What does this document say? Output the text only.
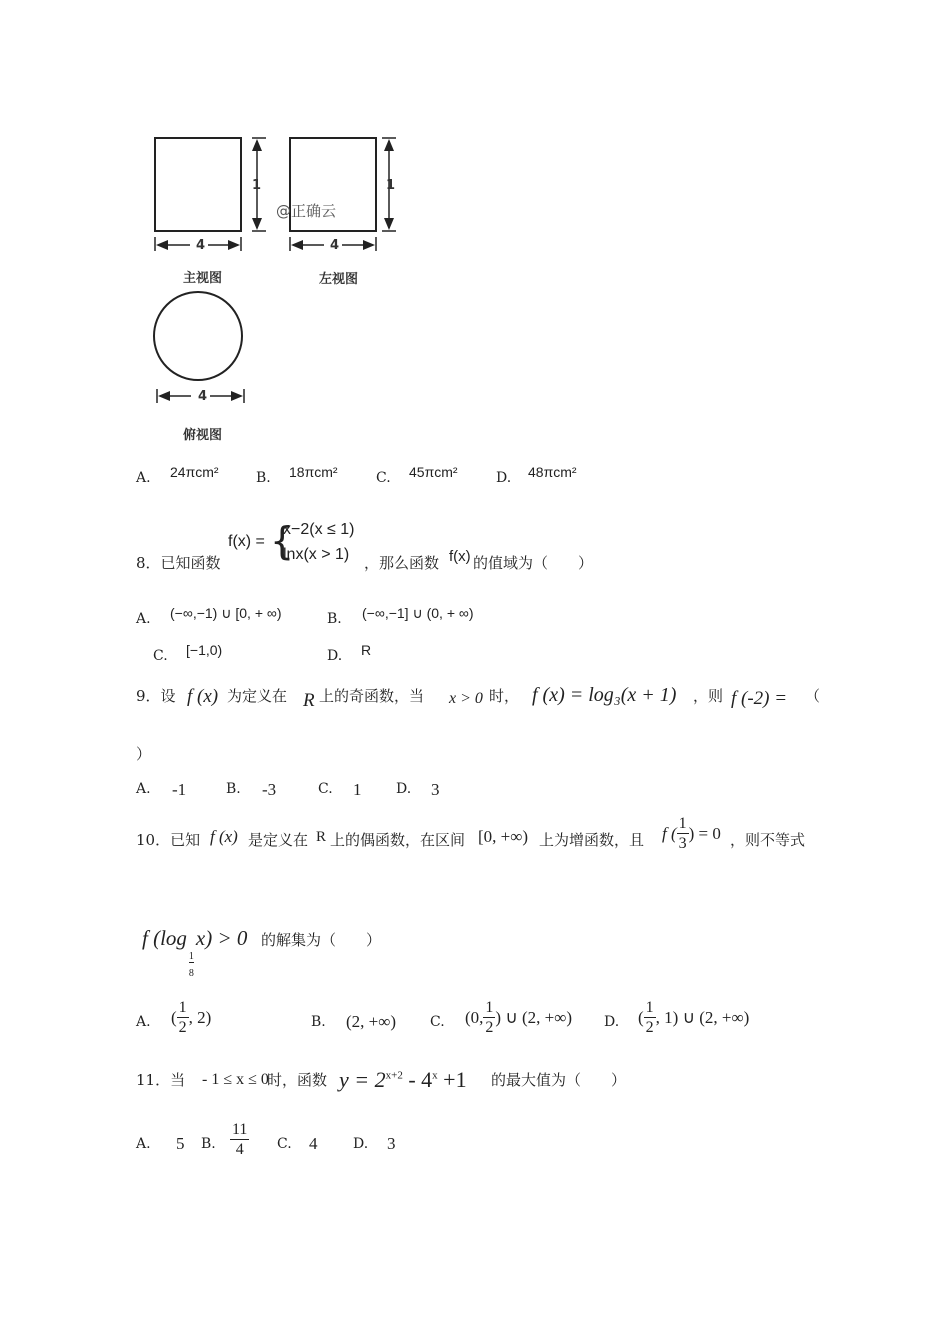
1
4
1
4
4
主视图	左视图
俯视图
@正确云
A. 24πcm²	B. 18πcm²	C. 45πcm²	D. 48πcm²
8．已知函数
f(x) = {
x−2(x ≤ 1)
lnx(x > 1) ，那么函数 f(x) 的值域为（　　）
A. (−∞,−1) ∪ [0, + ∞)	B. (−∞,−1] ∪ (0, + ∞)
C. [−1,0)	D. R
9．设 f (x) 为定义在 R 上的奇函数，当 x > 0 时， f (x) = log₃(x + 1) ，则 f (-2) = （
）
A. -1	B. -3	C. 1 D. 3
10．已知 f (x) 是定义在 R 上的偶函数，在区间 [0, +∞) 上为增函数，且 f ( $\frac{1}{3}$ ) = 0 ，则不等式
f (log
$\frac{1}{8}$
x) > 0 的解集为（　　）
A. ( $\frac{1}{2}$ , 2)	B. (2, +∞) C. (0, $\frac{1}{2}$ ) ∪ (2, +∞) D. ( $\frac{1}{2}$ , 1) ∪ (2, +∞)
11．当 - 1 ≤ x ≤ 0
时，函数 $y = 2^{x+2} - 4^x +1$ 的最大值为（　　）
A. 5 B. $\frac{11}{4} C$. 4	D. 3
